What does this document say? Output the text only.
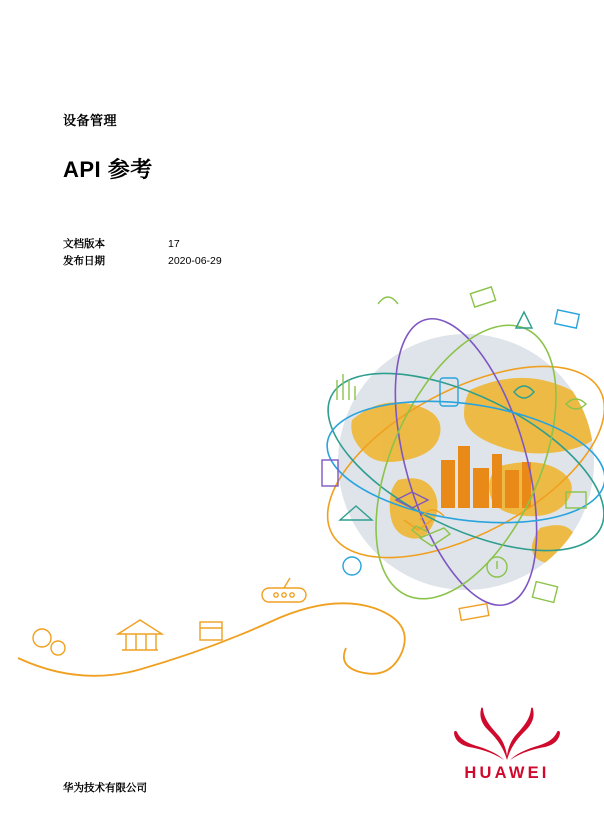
设备管理
API 参考
文档版本	17
发布日期	2020-06-29
HUAWEI
华为技术有限公司
